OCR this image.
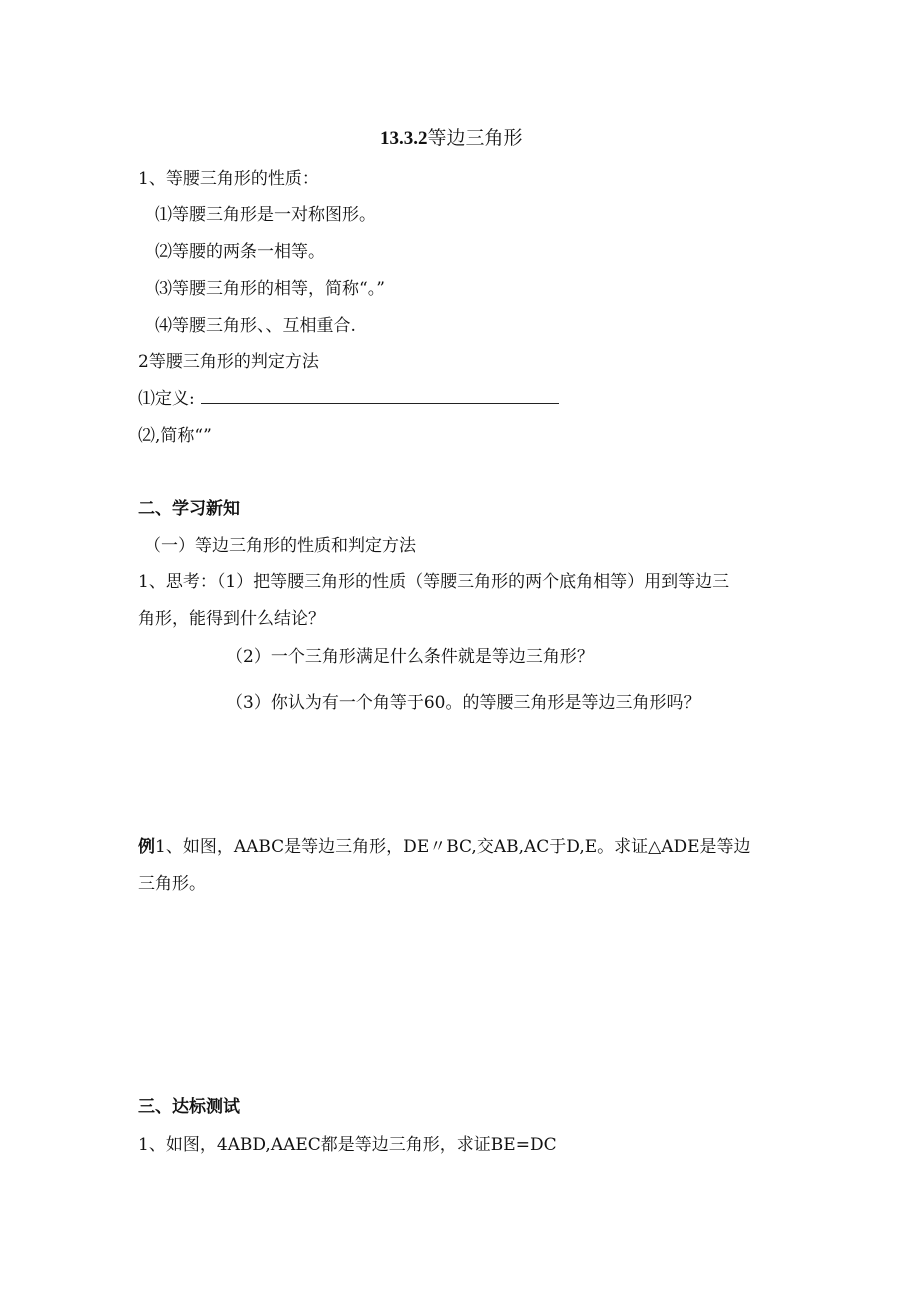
13.3.2等边三角形
1、等腰三角形的性质：
⑴等腰三角形是一对称图形。
⑵等腰的两条一相等。
⑶等腰三角形的相等，简称“。”
⑷等腰三角形、、互相重合.
2等腰三角形的判定方法
⑴定义:
⑵,简称“”
二、学习新知
（一）等边三角形的性质和判定方法
1、思考：（1）把等腰三角形的性质（等腰三角形的两个底角相等）用到等边三
角形，能得到什么结论？
（2）一个三角形满足什么条件就是等边三角形？
（3）你认为有一个角等于60。的等腰三角形是等边三角形吗？
例1、如图，AABC是等边三角形，DE〃BC,交AB,AC于D,E。求证△ADE是等边
三角形。
三、达标测试
1、如图，4ABD,AAEC都是等边三角形，求证BE=DC
